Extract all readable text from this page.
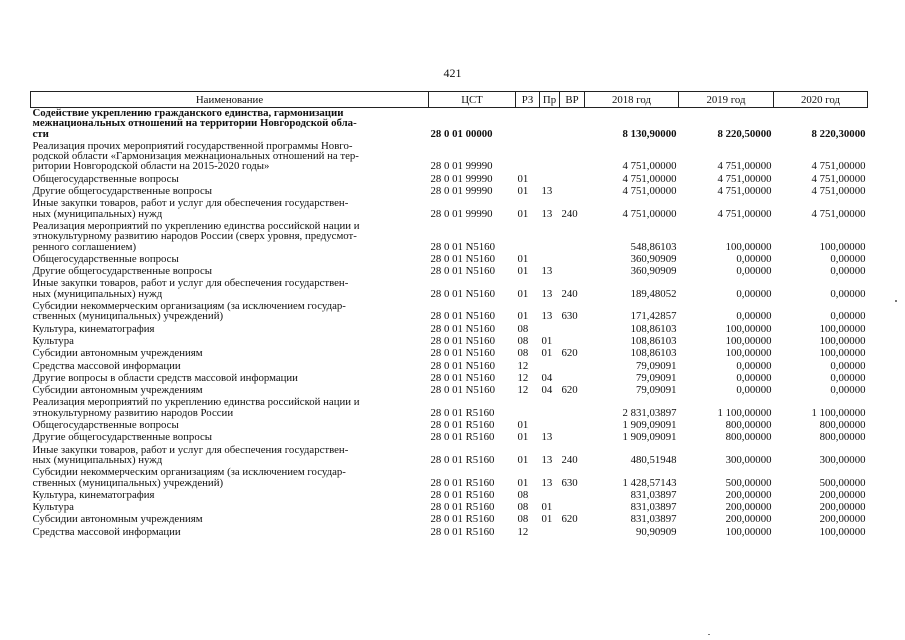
421
Наименование	ЦСТ	РЗ	Пр	ВР	2018 год	2019 год	2020 год

Содействие укреплению гражданского единства, гармонизации
межнациональных отношений на территории Новгородской обла-
сти	28 0 01 00000				8 130,90000	8 220,50000	8 220,30000

Реализация прочих мероприятий государственной программы Новго-
родской области «Гармонизация межнациональных отношений на тер-
ритории Новгородской области на 2015-2020 годы»	28 0 01 99990				4 751,00000	4 751,00000	4 751,00000

Общегосударственные вопросы	28 0 01 99990	01			4 751,00000	4 751,00000	4 751,00000

Другие общегосударственные вопросы	28 0 01 99990	01	13		4 751,00000	4 751,00000	4 751,00000

Иные закупки товаров, работ и услуг для обеспечения государствен-
ных (муниципальных) нужд	28 0 01 99990	01	13	240	4 751,00000	4 751,00000	4 751,00000

Реализация мероприятий по укреплению единства российской нации и
этнокультурному развитию народов России (сверх уровня, предусмот-
ренного соглашением)	28 0 01 N5160				548,86103	100,00000	100,00000

Общегосударственные вопросы	28 0 01 N5160	01			360,90909	0,00000	0,00000

Другие общегосударственные вопросы	28 0 01 N5160	01	13		360,90909	0,00000	0,00000

Иные закупки товаров, работ и услуг для обеспечения государствен-
ных (муниципальных) нужд	28 0 01 N5160	01	13	240	189,48052	0,00000	0,00000

Субсидии некоммерческим организациям (за исключением государ-
ственных (муниципальных) учреждений)	28 0 01 N5160	01	13	630	171,42857	0,00000	0,00000

Культура, кинематография	28 0 01 N5160	08			108,86103	100,00000	100,00000

Культура	28 0 01 N5160	08	01		108,86103	100,00000	100,00000

Субсидии автономным учреждениям	28 0 01 N5160	08	01	620	108,86103	100,00000	100,00000

Средства массовой информации	28 0 01 N5160	12			79,09091	0,00000	0,00000

Другие вопросы в области средств массовой информации	28 0 01 N5160	12	04		79,09091	0,00000	0,00000

Субсидии автономным учреждениям	28 0 01 N5160	12	04	620	79,09091	0,00000	0,00000

Реализация мероприятий по укреплению единства российской нации и
этнокультурному развитию народов России	28 0 01 R5160				2 831,03897	1 100,00000	1 100,00000

Общегосударственные вопросы	28 0 01 R5160	01			1 909,09091	800,00000	800,00000

Другие общегосударственные вопросы	28 0 01 R5160	01	13		1 909,09091	800,00000	800,00000

Иные закупки товаров, работ и услуг для обеспечения государствен-
ных (муниципальных) нужд	28 0 01 R5160	01	13	240	480,51948	300,00000	300,00000

Субсидии некоммерческим организациям (за исключением государ-
ственных (муниципальных) учреждений)	28 0 01 R5160	01	13	630	1 428,57143	500,00000	500,00000

Культура, кинематография	28 0 01 R5160	08			831,03897	200,00000	200,00000

Культура	28 0 01 R5160	08	01		831,03897	200,00000	200,00000

Субсидии автономным учреждениям	28 0 01 R5160	08	01	620	831,03897	200,00000	200,00000

Средства массовой информации	28 0 01 R5160	12			90,90909	100,00000	100,00000
